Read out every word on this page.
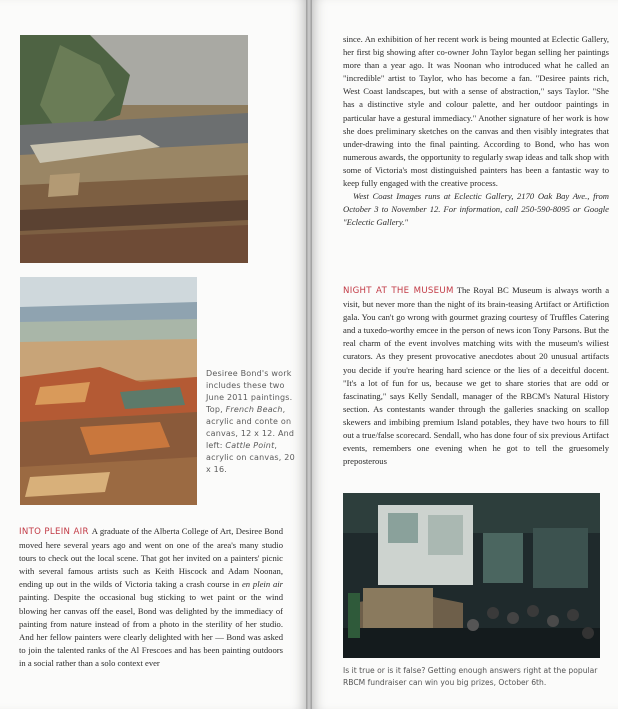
Desiree Bond's work includes these two June 2011 paintings. Top, French Beach, acrylic and conte on canvas, 12 x 12. And left: Cattle Point, acrylic on canvas, 20 x 16.

INTO PLEIN AIR A graduate of the Alberta College of Art, Desiree Bond moved here several years ago and went on one of the area's many studio tours to check out the local scene. That got her invited on a painters' picnic with several famous artists such as Keith Hiscock and Adam Noonan, ending up out in the wilds of Victoria taking a crash course in en plein air painting. Despite the occasional bug sticking to wet paint or the wind blowing her canvas off the easel, Bond was delighted by the immediacy of painting from nature instead of from a photo in the sterility of her studio. And her fellow painters were clearly delighted with her — Bond was asked to join the talented ranks of the Al Frescoes and has been painting outdoors in a social rather than a solo context ever

since. An exhibition of her recent work is being mounted at Eclectic Gallery, her first big showing after co-owner John Taylor began selling her paintings more than a year ago. It was Noonan who introduced what he called an "incredible" artist to Taylor, who has become a fan. "Desiree paints rich, West Coast landscapes, but with a sense of abstraction," says Taylor. "She has a distinctive style and colour palette, and her outdoor paintings in particular have a gestural immediacy." Another signature of her work is how she does preliminary sketches on the canvas and then visibly integrates that under-drawing into the final painting. According to Bond, who has won numerous awards, the opportunity to regularly swap ideas and talk shop with some of Victoria's most distinguished painters has been a fantastic way to keep fully engaged with the creative process.

West Coast Images runs at Eclectic Gallery, 2170 Oak Bay Ave., from October 3 to November 12. For information, call 250-590-8095 or Google "Eclectic Gallery."

NIGHT AT THE MUSEUM The Royal BC Museum is always worth a visit, but never more than the night of its brain-teasing Artifact or Artifiction gala. You can't go wrong with gourmet grazing courtesy of Truffles Catering and a tuxedo-worthy emcee in the person of news icon Tony Parsons. But the real charm of the event involves matching wits with the museum's wiliest curators. As they present provocative anecdotes about 20 unusual artifacts you decide if you're hearing hard science or the lies of a deceitful docent. "It's a lot of fun for us, because we get to share stories that are odd or fascinating," says Kelly Sendall, manager of the RBCM's Natural History section. As contestants wander through the galleries snacking on scallop skewers and imbibing premium Island potables, they have two hours to fill out a true/false scorecard. Sendall, who has done four of six previous Artifact events, remembers one evening when he got to tell the gruesomely preposterous

Is it true or is it false? Getting enough answers right at the popular RBCM fundraiser can win you big prizes, October 6th.
